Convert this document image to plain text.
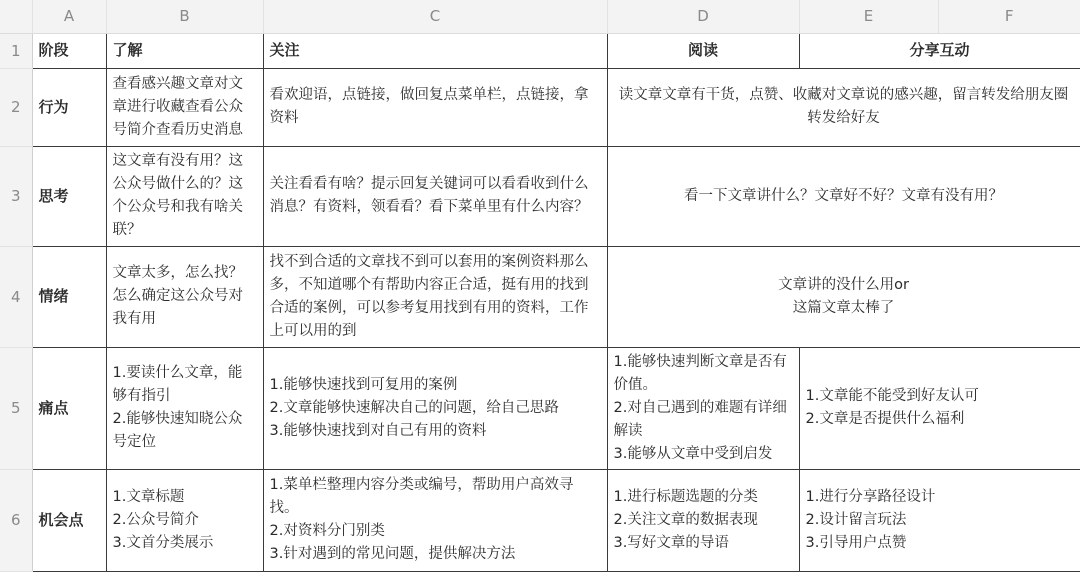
	A	B	C	D	E	F
1	阶段	了解	关注	阅读	分享互动	
2	行为	查看感兴趣文章对文章进行收藏查看公众号简介查看历史消息	看欢迎语，点链接，做回复点菜单栏，点链接，拿资料	读文章文章有干货，点赞、收藏对文章说的感兴趣，留言转发给朋友圈转发给好友		
3	思考	这文章有没有用？这公众号做什么的？这个公众号和我有啥关联？	关注看看有啥？提示回复关键词可以看看收到什么消息？有资料，领看看？看下菜单里有什么内容？	看一下文章讲什么？文章好不好？文章有没有用？		
4	情绪	文章太多，怎么找？怎么确定这公众号对我有用	找不到合适的文章找不到可以套用的案例资料那么多，不知道哪个有帮助内容正合适，挺有用的找到合适的案例，可以参考复用找到有用的资料，工作上可以用的到	文章讲的没什么用or
这篇文章太棒了		

5	痛点	1.要读什么文章，能够有指引
2.能够快速知晓公众号定位	1.能够快速找到可复用的案例
2.文章能够快速解决自己的问题，给自己思路
3.能够快速找到对自己有用的资料	1.能够快速判断文章是否有价值。
2.对自己遇到的难题有详细解读
3.能够从文章中受到启发	1.文章能不能受到好友认可
2.文章是否提供什么福利	

6	机会点	1.文章标题
2.公众号简介
3.文首分类展示	1.菜单栏整理内容分类或编号，帮助用户高效寻找。
2.对资料分门别类
3.针对遇到的常见问题，提供解决方法	1.进行标题选题的分类
2.关注文章的数据表现
3.写好文章的导语	1.进行分享路径设计
2.设计留言玩法
3.引导用户点赞	
